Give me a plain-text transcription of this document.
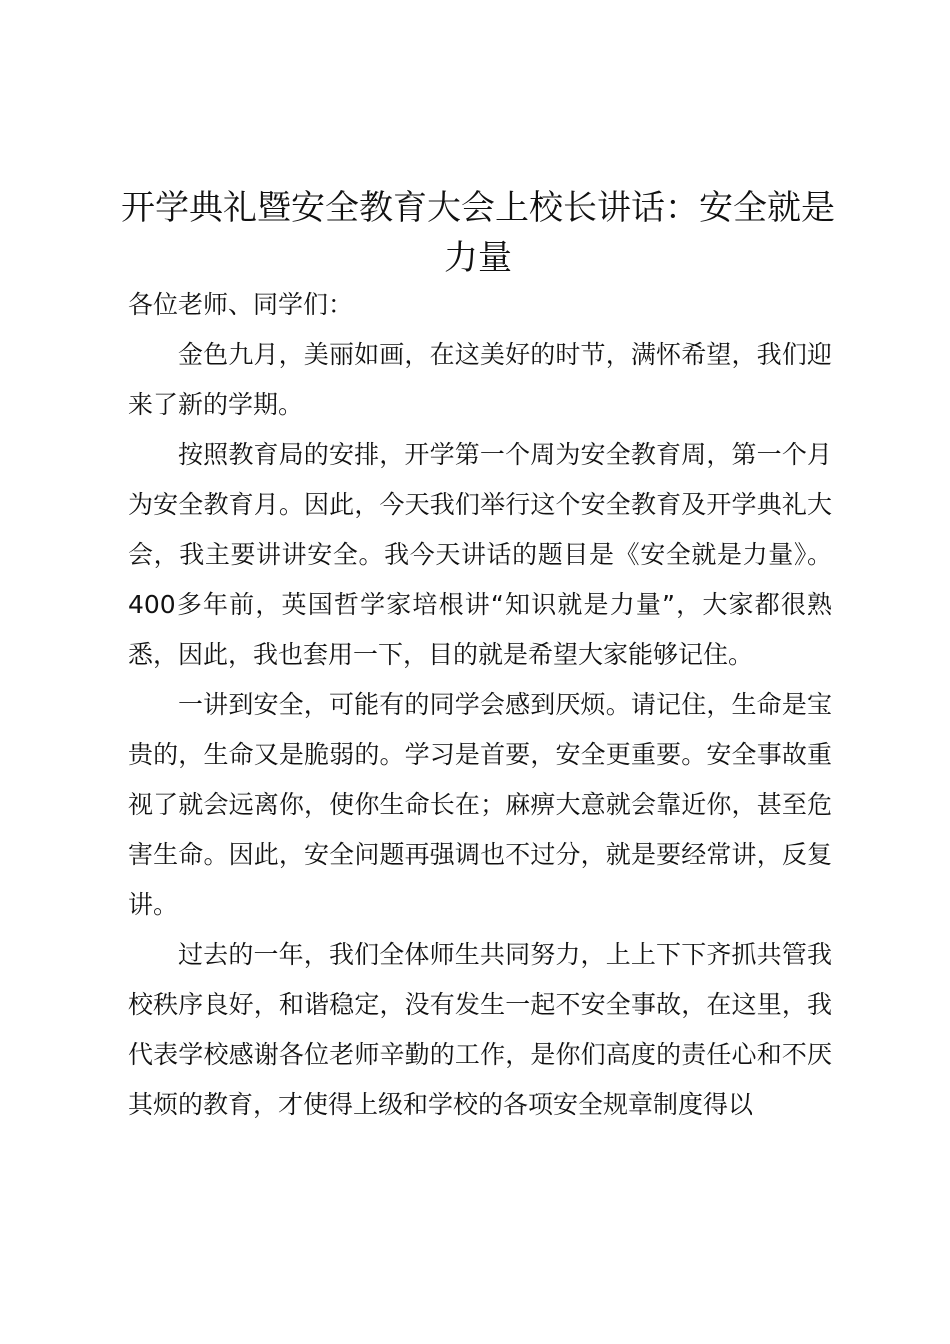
开学典礼暨安全教育大会上校长讲话：安全就是力量

各位老师、同学们：

金色九月，美丽如画，在这美好的时节，满怀希望，我们迎来了新的学期。

按照教育局的安排，开学第一个周为安全教育周，第一个月为安全教育月。因此，今天我们举行这个安全教育及开学典礼大会，我主要讲讲安全。我今天讲话的题目是《安全就是力量》。400多年前，英国哲学家培根讲“知识就是力量”，大家都很熟悉，因此，我也套用一下，目的就是希望大家能够记住。

一讲到安全，可能有的同学会感到厌烦。请记住，生命是宝贵的，生命又是脆弱的。学习是首要，安全更重要。安全事故重视了就会远离你，使你生命长在；麻痹大意就会靠近你，甚至危害生命。因此，安全问题再强调也不过分，就是要经常讲，反复讲。

过去的一年，我们全体师生共同努力，上上下下齐抓共管我校秩序良好，和谐稳定，没有发生一起不安全事故，在这里，我代表学校感谢各位老师辛勤的工作，是你们高度的责任心和不厌其烦的教育，才使得上级和学校的各项安全规章制度得以
